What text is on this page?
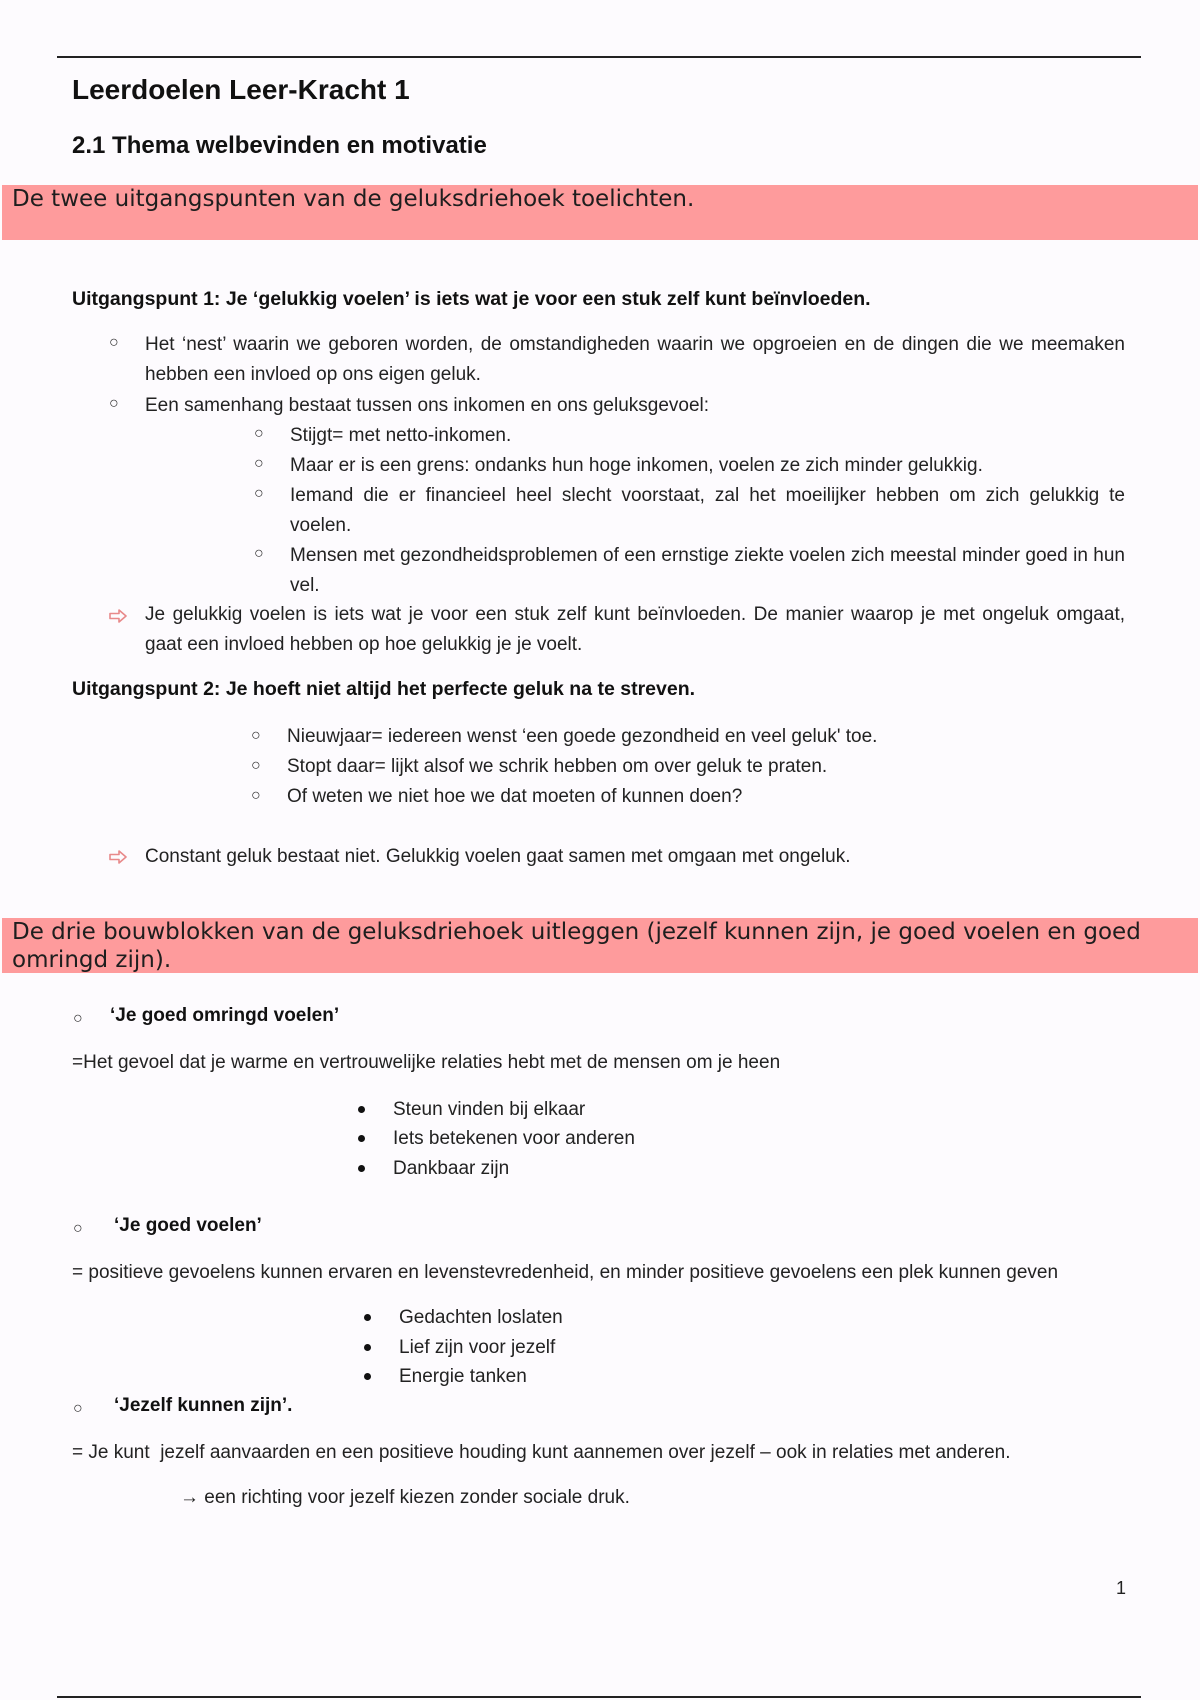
Leerdoelen Leer-Kracht 1
2.1 Thema welbevinden en motivatie
De twee uitgangspunten van de geluksdriehoek toelichten.
Uitgangspunt 1: Je ‘gelukkig voelen’ is iets wat je voor een stuk zelf kunt beïnvloeden.
○ Het ‘nest’ waarin we geboren worden, de omstandigheden waarin we opgroeien en de dingen die we meemaken hebben een invloed op ons eigen geluk.
○ Een samenhang bestaat tussen ons inkomen en ons geluksgevoel:
○ Stijgt= met netto-inkomen.
○ Maar er is een grens: ondanks hun hoge inkomen, voelen ze zich minder gelukkig.
○ Iemand die er financieel heel slecht voorstaat, zal het moeilijker hebben om zich gelukkig te voelen.
○ Mensen met gezondheidsproblemen of een ernstige ziekte voelen zich meestal minder goed in hun vel.
Je gelukkig voelen is iets wat je voor een stuk zelf kunt beïnvloeden. De manier waarop je met ongeluk omgaat, gaat een invloed hebben op hoe gelukkig je je voelt.
Uitgangspunt 2: Je hoeft niet altijd het perfecte geluk na te streven.
○ Nieuwjaar= iedereen wenst ‘een goede gezondheid en veel geluk' toe.
○ Stopt daar= lijkt alsof we schrik hebben om over geluk te praten.
○ Of weten we niet hoe we dat moeten of kunnen doen?
Constant geluk bestaat niet. Gelukkig voelen gaat samen met omgaan met ongeluk.
De drie bouwblokken van de geluksdriehoek uitleggen (jezelf kunnen zijn, je goed voelen en goed omringd zijn).
○ ‘Je goed omringd voelen’
=Het gevoel dat je warme en vertrouwelijke relaties hebt met de mensen om je heen
Steun vinden bij elkaar
Iets betekenen voor anderen
Dankbaar zijn
○ ‘Je goed voelen’
= positieve gevoelens kunnen ervaren en levenstevredenheid, en minder positieve gevoelens een plek kunnen geven
Gedachten loslaten
Lief zijn voor jezelf
Energie tanken
○ ‘Jezelf kunnen zijn’.
= Je kunt  jezelf aanvaarden en een positieve houding kunt aannemen over jezelf – ook in relaties met anderen.
→ een richting voor jezelf kiezen zonder sociale druk.
1
